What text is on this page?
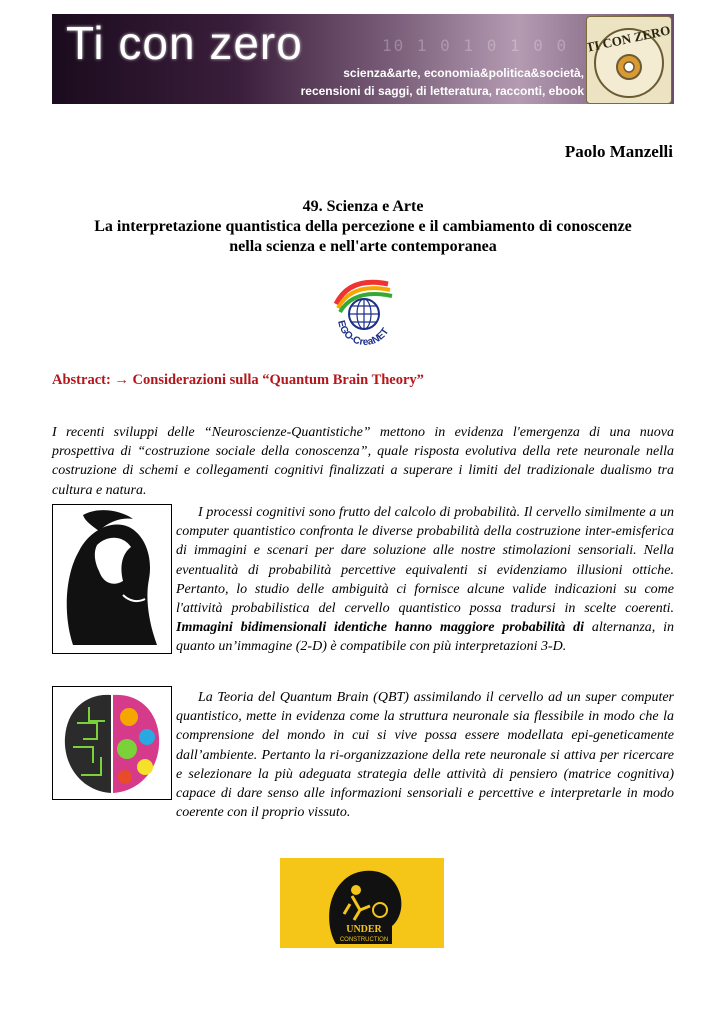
Ti con zero	10 1 0 1 0 1 0 0
scienza&arte, economia&politica&società,
recensioni di saggi, di letteratura, racconti, ebook
TI CON ZERO
Paolo Manzelli
49. Scienza e Arte
La interpretazione quantistica della percezione e il cambiamento di conoscenze
nella scienza e nell'arte contemporanea
EGO-CreaNET
Abstract: → Considerazioni sulla “Quantum Brain Theory”
I recenti sviluppi delle “Neuroscienze-Quantistiche” mettono in evidenza l'emergenza di una nuova prospettiva di “costruzione sociale della conoscenza”, quale risposta evolutiva della rete neuronale nella costruzione di schemi e collegamenti cognitivi finalizzati a superare i limiti del tradizionale dualismo tra cultura e natura.
I processi cognitivi sono frutto del calcolo di probabilità. Il cervello similmente a un computer quantistico confronta le diverse probabilità della costruzione inter-emisferica di immagini e scenari per dare soluzione alle nostre stimolazioni sensoriali. Nella eventualità di probabilità percettive equivalenti si evidenziamo illusioni ottiche. Pertanto, lo studio delle ambiguità ci fornisce alcune valide indicazioni su come l'attività probabilistica del cervello quantistico possa tradursi in scelte coerenti. Immagini bidimensionali identiche hanno maggiore probabilità di alternanza, in quanto un’immagine (2-D) è compatibile con più interpretazioni 3-D.
La Teoria del Quantum Brain (QBT) assimilando il cervello ad un super computer quantistico, mette in evidenza come la struttura neuronale sia flessibile in modo che la comprensione del mondo in cui si vive possa essere modellata epi-geneticamente dall’ambiente. Pertanto la ri-organizzazione della rete neuronale si attiva per ricercare e selezionare la più adeguata strategia delle attività di pensiero (matrice cognitiva) capace di dare senso alle informazioni sensoriali e percettive e interpretarle in modo coerente con il proprio vissuto.
UNDER
CONSTRUCTION
